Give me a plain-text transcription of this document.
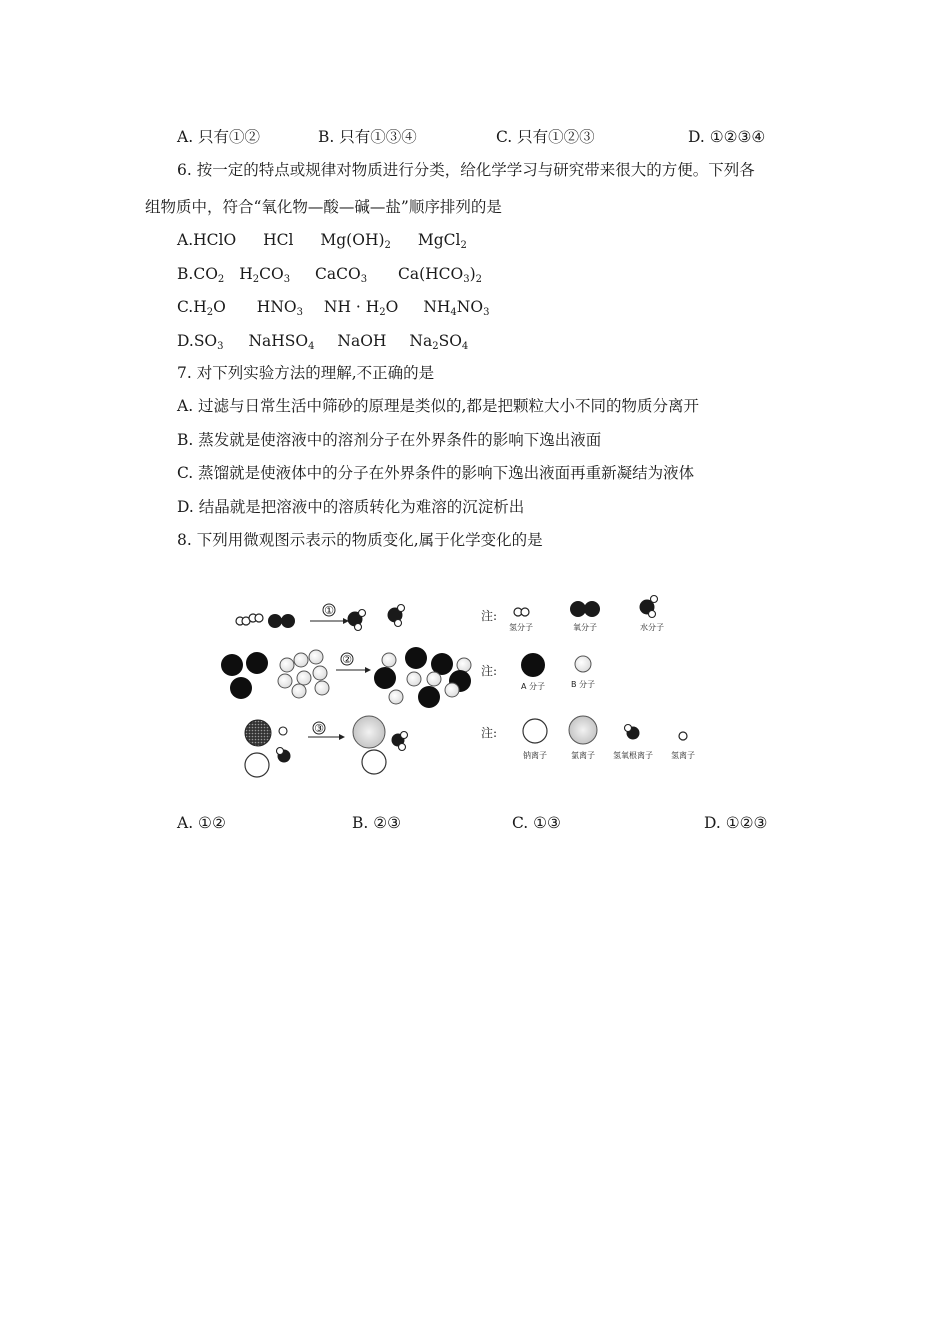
A. 只有①②	B. 只有①③④	C. 只有①②③	D. ①②③④
6. 按一定的特点或规律对物质进行分类，给化学学习与研究带来很大的方便。下列各
组物质中，符合“氧化物—酸—碱—盐”顺序排列的是
A.HClO HCl $Mg(OH)_2$ MgCl$_2$
$B.CO_2$ $H_2CO_3$ CaCO$_3$ $Ca(HCO_3)_2$
$C.H_2O$ $HNO_3$ NH · $H_2O$ $NH_4NO_3$
$D.SO_3$ NaHSO$_4$ NaOH $Na_2SO_4$
7. 对下列实验方法的理解,不正确的是
A. 过滤与日常生活中筛砂的原理是类似的,都是把颗粒大小不同的物质分离开
B. 蒸发就是使溶液中的溶剂分子在外界条件的影响下逸出液面
C. 蒸馏就是使液体中的分子在外界条件的影响下逸出液面再重新凝结为液体
D. 结晶就是把溶液中的溶质转化为难溶的沉淀析出
8. 下列用微观图示表示的物质变化,属于化学变化的是
①
②
③
注:
氢分子	氧分子	水分子
注:
A 分子	B 分子
注:
钠离子	氯离子 氢氧根离子 氢离子
A. ①②	B. ②③	C. ①③	D. ①②③
